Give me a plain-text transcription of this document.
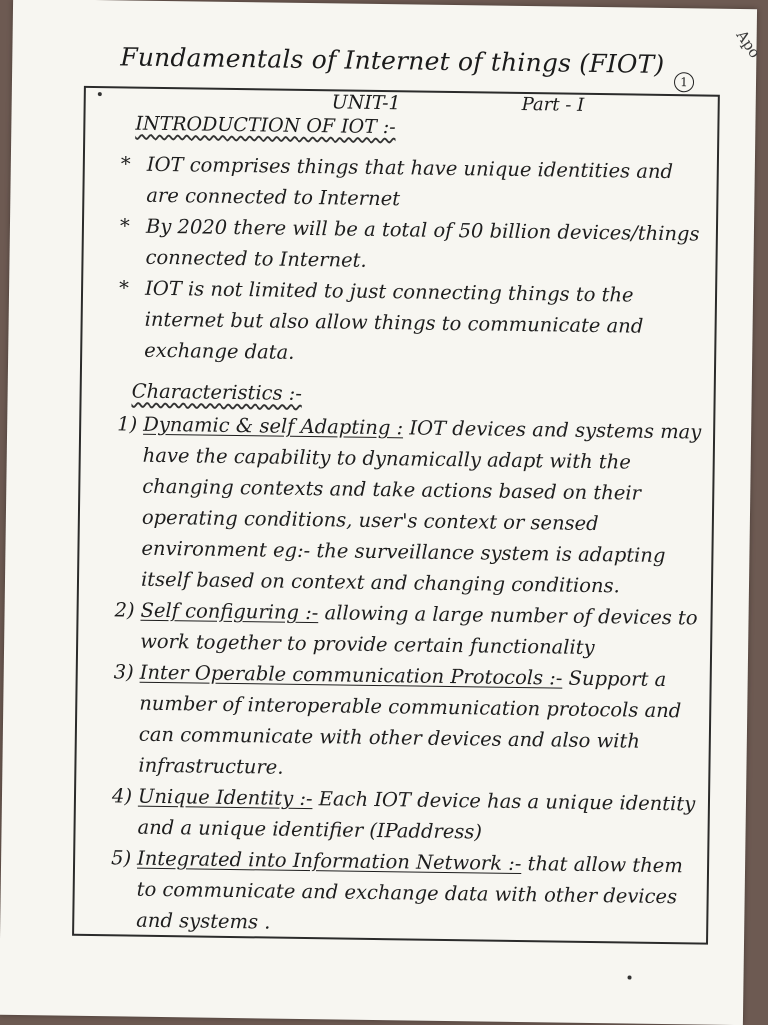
Apo
Fundamentals of Internet of things (FIOT)
1
UNIT-1	Part - I
INTRODUCTION OF IOT :-
* IOT comprises things that have unique identities and are connected to Internet
* By 2020 there will be a total of 50 billion devices/things connected to Internet.
* IOT is not limited to just connecting things to the internet but also allow things to communicate and exchange data.
Characteristics :-
1) Dynamic & self Adapting : IOT devices and systems may have the capability to dynamically adapt with the changing contexts and take actions based on their operating conditions, user's context or sensed environment eg:- the surveillance system is adapting itself based on context and changing conditions.
2) Self configuring :- allowing a large number of devices to work together to provide certain functionality
3) Inter Operable communication Protocols :- Support a number of interoperable communication protocols and can communicate with other devices and also with infrastructure.
4) Unique Identity :- Each IOT device has a unique identity and a unique identifier (IPaddress)
5) Integrated into Information Network :- that allow them to communicate and exchange data with other devices and systems .
